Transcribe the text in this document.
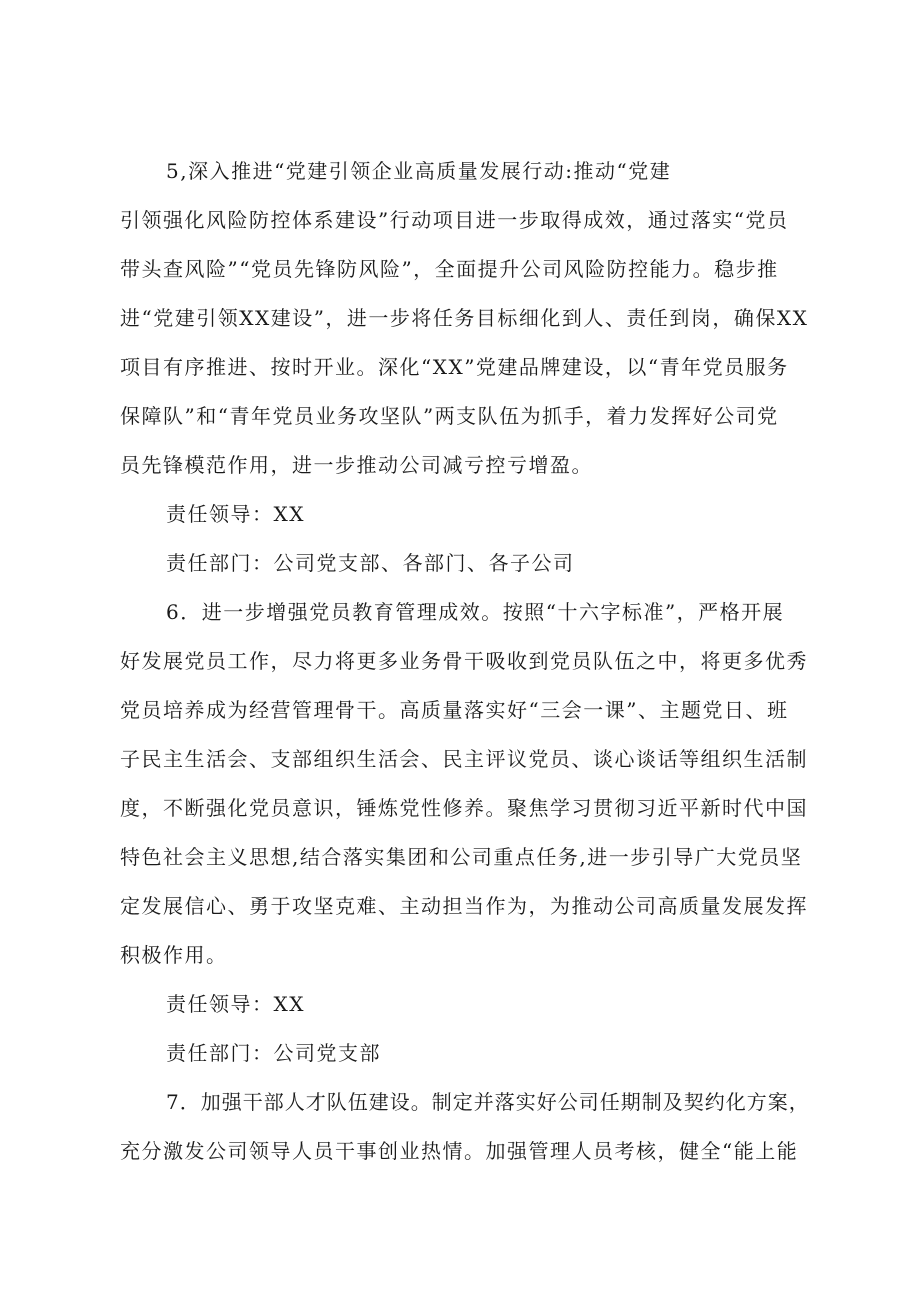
5,深入推进“党建引领企业高质量发展行动:推动“党建
引领强化风险防控体系建设”行动项目进一步取得成效，通过落实“党员
带头查风险”“党员先锋防风险”，全面提升公司风险防控能力。稳步推
进“党建引领XX建设”，进一步将任务目标细化到人、责任到岗，确保XX
项目有序推进、按时开业。深化“XX”党建品牌建设，以“青年党员服务
保障队”和“青年党员业务攻坚队”两支队伍为抓手，着力发挥好公司党
员先锋模范作用，进一步推动公司减亏控亏增盈。
责任领导：XX
责任部门：公司党支部、各部门、各子公司
6．进一步增强党员教育管理成效。按照“十六字标准”，严格开展
好发展党员工作，尽力将更多业务骨干吸收到党员队伍之中，将更多优秀
党员培养成为经营管理骨干。高质量落实好“三会一课”、主题党日、班
子民主生活会、支部组织生活会、民主评议党员、谈心谈话等组织生活制
度，不断强化党员意识，锤炼党性修养。聚焦学习贯彻习近平新时代中国
特色社会主义思想,结合落实集团和公司重点任务,进一步引导广大党员坚
定发展信心、勇于攻坚克难、主动担当作为，为推动公司高质量发展发挥
积极作用。
责任领导：XX
责任部门：公司党支部
7．加强干部人才队伍建设。制定并落实好公司任期制及契约化方案，
充分激发公司领导人员干事创业热情。加强管理人员考核，健全“能上能
